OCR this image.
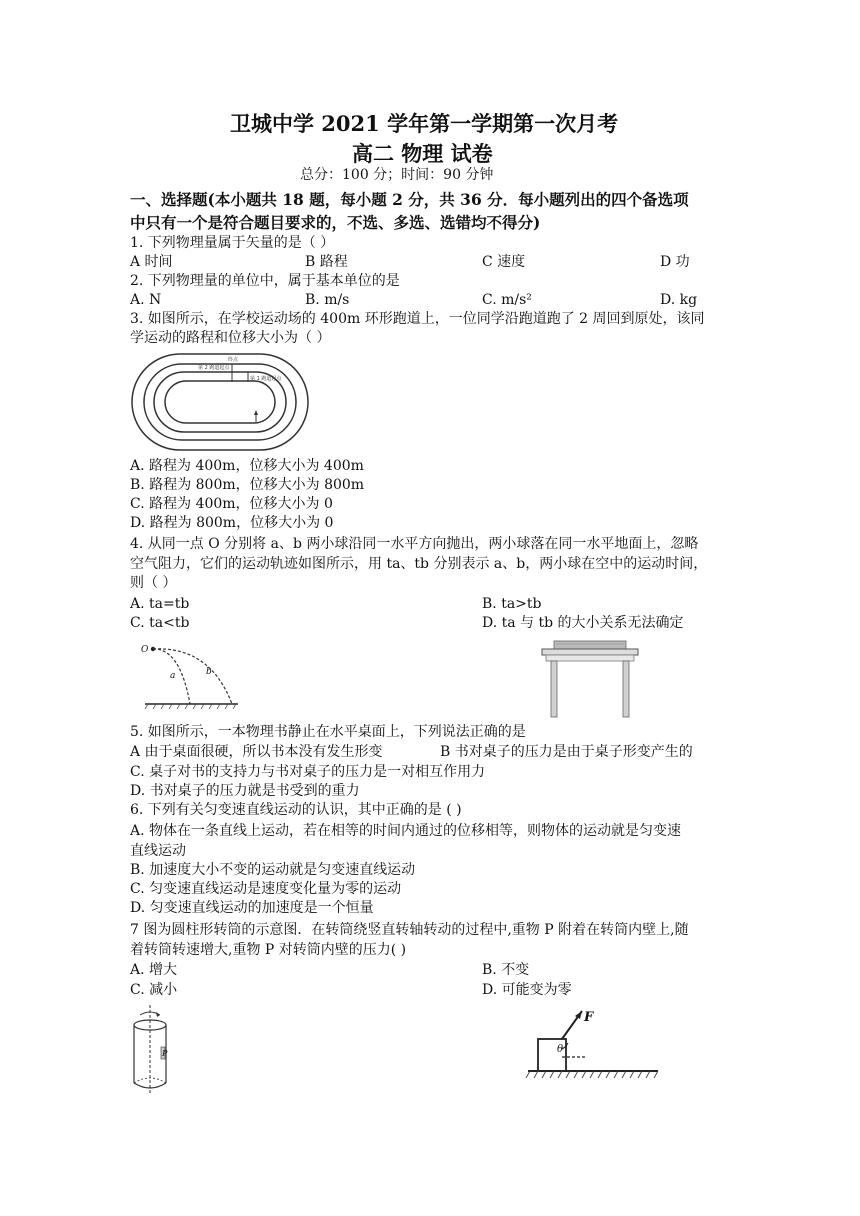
卫城中学 2021 学年第一学期第一次月考
高二 物理 试卷
总分：100 分；时间：90 分钟
一、选择题(本小题共 18 题，每小题 2 分，共 36 分．每小题列出的四个备选项
中只有一个是符合题目要求的，不选、多选、选错均不得分)
1. 下列物理量属于矢量的是（ ）
A 时间	B 路程	C 速度	D 功
2. 下列物理量的单位中，属于基本单位的是
A. N	B. m/s	C. m/s²	D. kg
3. 如图所示，在学校运动场的 400m 环形跑道上，一位同学沿跑道跑了 2 周回到原处，该同
学运动的路程和位移大小为（ ）
终点
第 2 跑道起点
第 1 跑道起点
A. 路程为 400m，位移大小为 400m
B. 路程为 800m，位移大小为 800m
C. 路程为 400m，位移大小为 0
D. 路程为 800m，位移大小为 0
4. 从同一点 O 分别将 a、b 两小球沿同一水平方向抛出，两小球落在同一水平地面上，忽略
空气阻力，它们的运动轨迹如图所示，用 ta、tb 分别表示 a、b，两小球在空中的运动时间，
则（ ）
A. ta=tb	B. ta>tb
C. ta<tb	D. ta 与 tb 的大小关系无法确定
O
a	b
5. 如图所示，一本物理书静止在水平桌面上，下列说法正确的是
A 由于桌面很硬，所以书本没有发生形变	B 书对桌子的压力是由于桌子形变产生的
C. 桌子对书的支持力与书对桌子的压力是一对相互作用力
D. 书对桌子的压力就是书受到的重力
6. 下列有关匀变速直线运动的认识，其中正确的是 ( )
A. 物体在一条直线上运动，若在相等的时间内通过的位移相等，则物体的运动就是匀变速
直线运动
B. 加速度大小不变的运动就是匀变速直线运动
C. 匀变速直线运动是速度变化量为零的运动
D. 匀变速直线运动的加速度是一个恒量
7 图为圆柱形转筒的示意图．在转筒绕竖直转轴转动的过程中,重物 P 附着在转筒内壁上,随
着转筒转速增大,重物 P 对转筒内壁的压力( )
A. 增大	B. 不变
C. 减小	D. 可能变为零
P
F
θ
